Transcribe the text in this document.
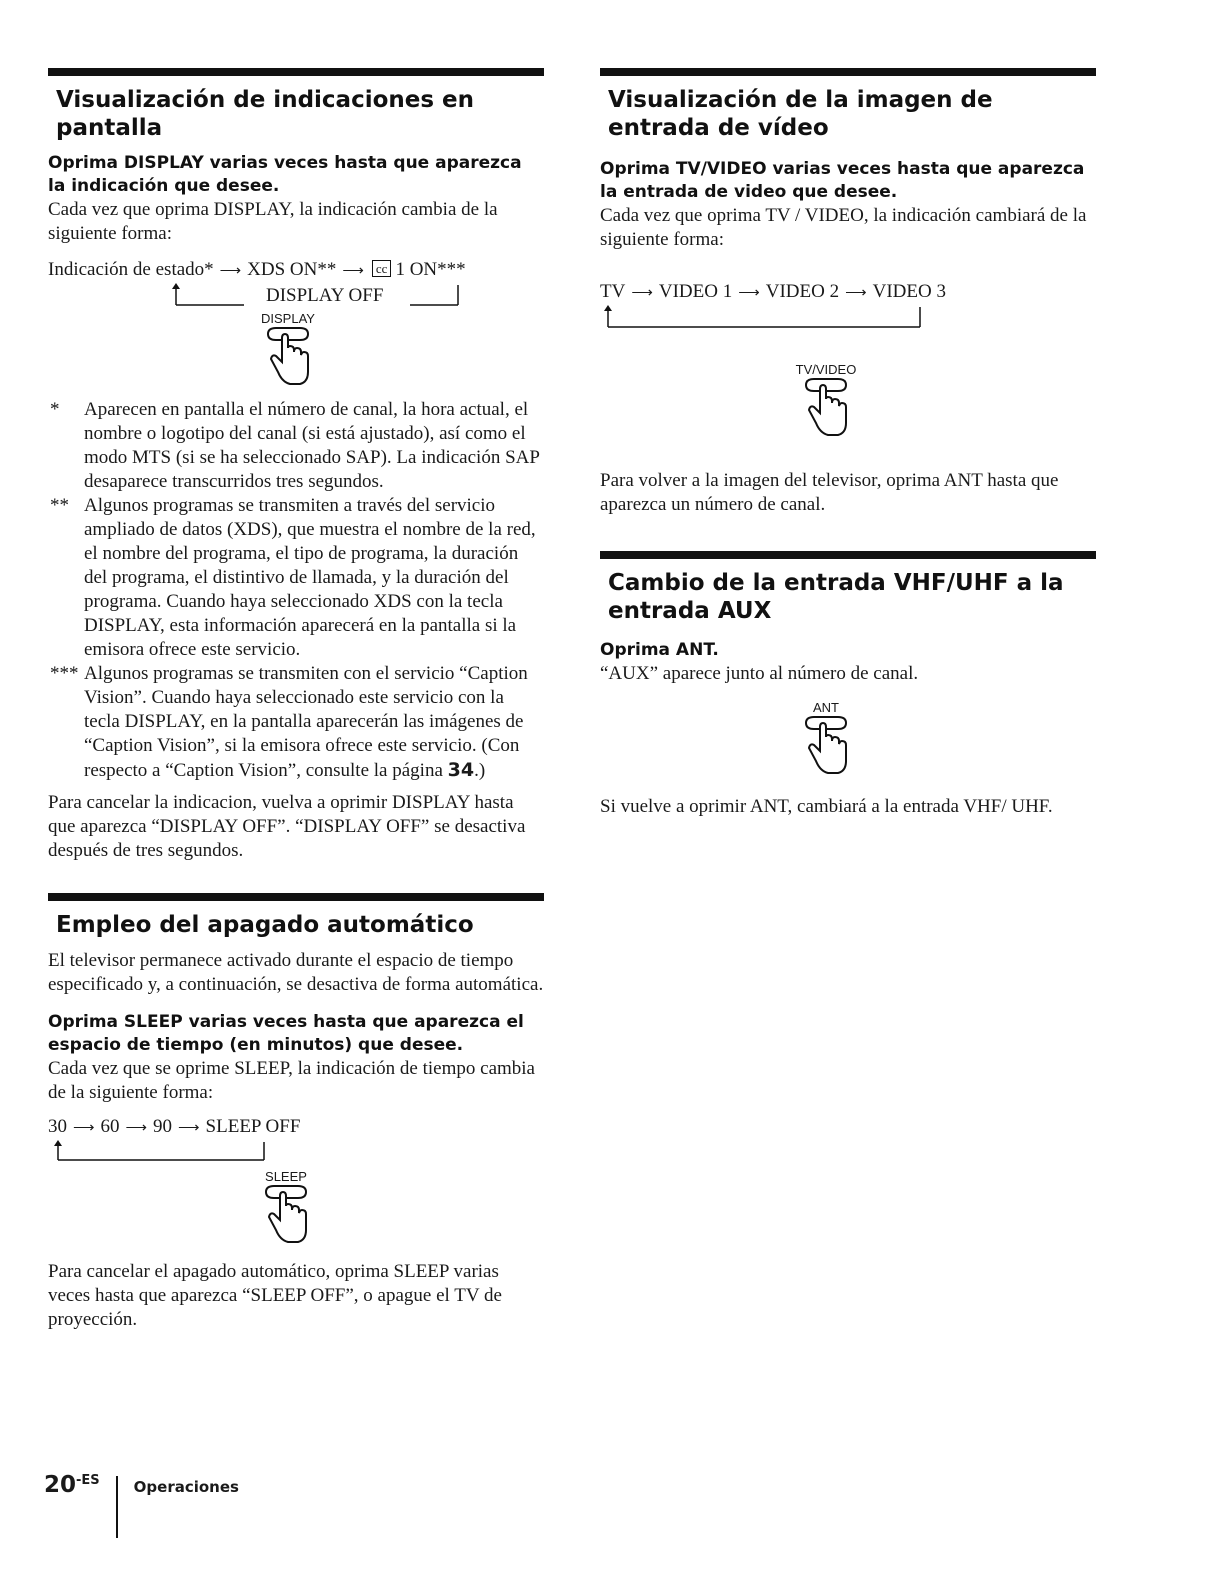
Visualización de indicaciones en pantalla
Oprima DISPLAY varias veces hasta que aparezca la indicación que desee.

Cada vez que oprima DISPLAY, la indicación cambia de la siguiente forma:

Indicación de estado* ⟶ XDS ON** ⟶ cc 1 ON***
DISPLAY OFF
DISPLAY
*	Aparecen en pantalla el número de canal, la hora actual, el nombre o logotipo del canal (si está ajustado), así como el modo MTS (si se ha seleccionado SAP). La indicación SAP desaparece transcurridos tres segundos.
** Algunos programas se transmiten a través del servicio ampliado de datos (XDS), que muestra el nombre de la red, el nombre del programa, el tipo de programa, la duración del programa, el distintivo de llamada, y la duración del programa. Cuando haya seleccionado XDS con la tecla DISPLAY, esta información aparecerá en la pantalla si la emisora ofrece este servicio.
*** Algunos programas se transmiten con el servicio “Caption Vision”. Cuando haya seleccionado este servicio con la tecla DISPLAY, en la pantalla aparecerán las imágenes de “Caption Vision”, si la emisora ofrece este servicio. (Con respecto a “Caption Vision”, consulte la página 34.)

Para cancelar la indicacion, vuelva a oprimir DISPLAY hasta que aparezca “DISPLAY OFF”. “DISPLAY OFF” se desactiva después de tres segundos.

Empleo del apagado automático

El televisor permanece activado durante el espacio de tiempo especificado y, a continuación, se desactiva de forma automática.

Oprima SLEEP varias veces hasta que aparezca el espacio de tiempo (en minutos) que desee.

Cada vez que se oprime SLEEP, la indicación de tiempo cambia de la siguiente forma:

30 ⟶ 60 ⟶ 90 ⟶ SLEEP OFF
SLEEP

Para cancelar el apagado automático, oprima SLEEP varias veces hasta que aparezca “SLEEP OFF”, o apague el TV de proyección.

Visualización de la imagen de entrada de vídeo
Oprima TV/VIDEO varias veces hasta que aparezca la entrada de video que desee.

Cada vez que oprima TV / VIDEO, la indicación cambiará de la siguiente forma:

TV ⟶ VIDEO 1 ⟶ VIDEO 2 ⟶ VIDEO 3
TV/VIDEO

Para volver a la imagen del televisor, oprima ANT hasta que aparezca un número de canal.

Cambio de la entrada VHF/UHF a la entrada AUX
Oprima ANT.

“AUX” aparece junto al número de canal.

ANT

Si vuelve a oprimir ANT, cambiará a la entrada VHF/ UHF.

$20^{-ES}$ Operaciones
